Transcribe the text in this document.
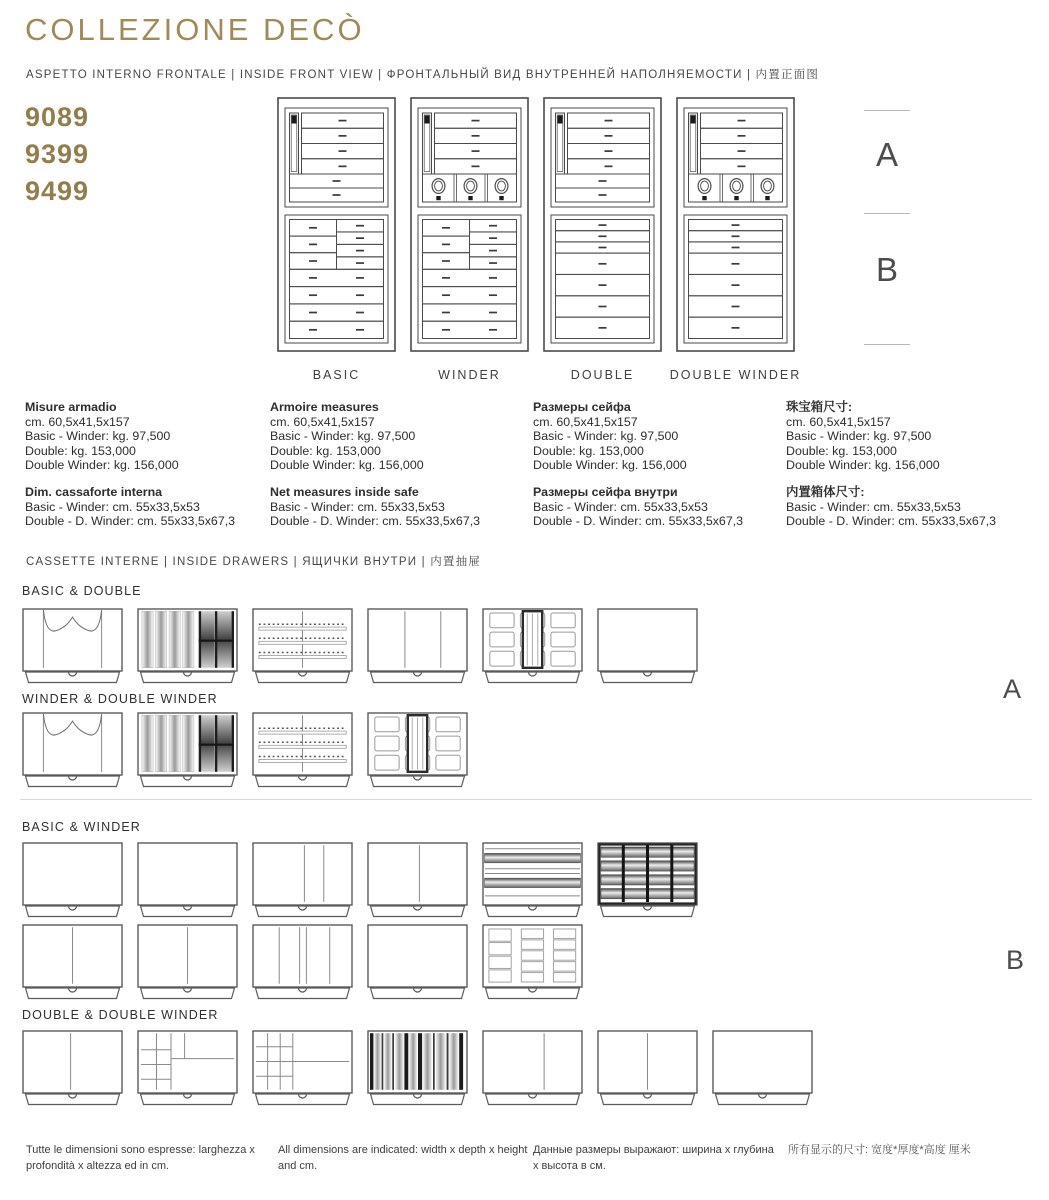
COLLEZIONE DECÒ
ASPETTO INTERNO FRONTALE | INSIDE FRONT VIEW | ФРОНТАЛЬНЫЙ ВИД ВНУТРЕННЕЙ НАПОЛНЯЕМОСТИ | 内置正面图
9089
9399
9499
BASIC	WINDER	DOUBLE	DOUBLE WINDER
A
B
Misure armadio
cm. 60,5x41,5x157
Basic - Winder: kg. 97,500
Double: kg. 153,000
Double Winder: kg. 156,000
Dim. cassaforte interna
Basic - Winder: cm. 55x33,5x53
Double - D. Winder: cm. 55x33,5x67,3
Armoire measures
cm. 60,5x41,5x157
Basic - Winder: kg. 97,500
Double: kg. 153,000
Double Winder: kg. 156,000
Net measures inside safe
Basic - Winder: cm. 55x33,5x53
Double - D. Winder: cm. 55x33,5x67,3
Размеры сейфа
cm. 60,5x41,5x157
Basic - Winder: kg. 97,500
Double: kg. 153,000
Double Winder: kg. 156,000
Размеры сейфа внутри
Basic - Winder: cm. 55x33,5x53
Double - D. Winder: cm. 55x33,5x67,3
珠宝箱尺寸:
cm. 60,5x41,5x157
Basic - Winder: kg. 97,500
Double: kg. 153,000
Double Winder: kg. 156,000
内置箱体尺寸:
Basic - Winder: cm. 55x33,5x53
Double - D. Winder: cm. 55x33,5x67,3
CASSETTE INTERNE | INSIDE DRAWERS | ЯЩИЧКИ ВНУТРИ | 内置抽屉
BASIC & DOUBLE
WINDER & DOUBLE WINDER
BASIC & WINDER
DOUBLE & DOUBLE WINDER
A
B
Tutte le dimensioni sono espresse: larghezza x profondità x altezza ed in cm.
All dimensions are indicated: width x depth x height and cm.
Данные размеры выражают: ширина x глубина x высота в см.
所有显示的尺寸: 宽度*厚度*高度 厘米
